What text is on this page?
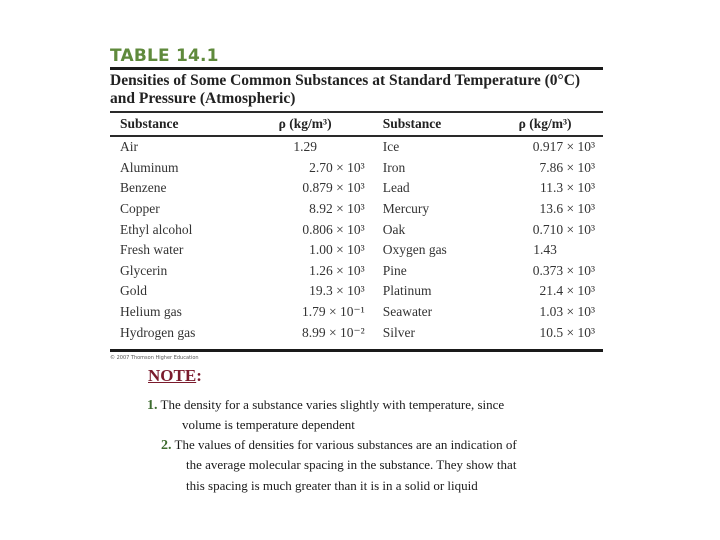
TABLE 14.1
Densities of Some Common Substances at Standard Temperature (0°C)
and Pressure (Atmospheric)
Substance	ρ (kg/m³)	Substance	ρ (kg/m³)

Air	1.29	Ice	0.917 × 10³
Aluminum	2.70 × 10³	Iron	7.86 × 10³
Benzene	0.879 × 10³	Lead	11.3 × 10³
Copper	8.92 × 10³	Mercury	13.6 × 10³
Ethyl alcohol	0.806 × 10³	Oak	0.710 × 10³
Fresh water	1.00 × 10³	Oxygen gas	1.43
Glycerin	1.26 × 10³	Pine	0.373 × 10³
Gold	19.3 × 10³	Platinum	21.4 × 10³
Helium gas	1.79 × 10⁻¹	Seawater	1.03 × 10³
Hydrogen gas	8.99 × 10⁻²	Silver	10.5 × 10³
© 2007 Thomson Higher Education
NOTE:
1. The density for a substance varies slightly with temperature, since
volume is temperature dependent
2. The values of densities for various substances are an indication of
the average molecular spacing in the substance. They show that
this spacing is much greater than it is in a solid or liquid
